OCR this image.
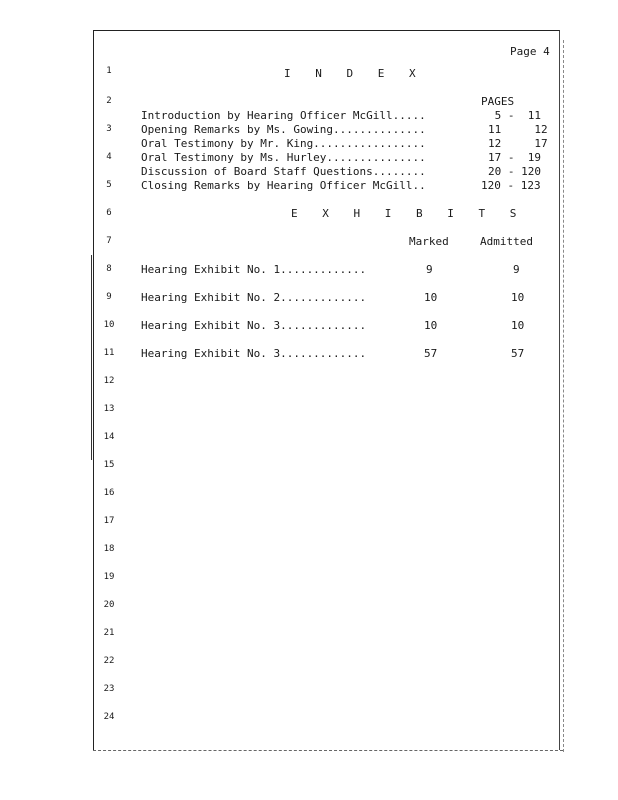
Page 4
I N D E X
PAGES
Introduction by Hearing Officer McGill.....	5 -  11
Opening Remarks by Ms. Gowing..............	11     12
Oral Testimony by Mr. King.................	12     17
Oral Testimony by Ms. Hurley...............	17 -  19
Discussion of Board Staff Questions........	20 - 120
Closing Remarks by Hearing Officer McGill..	120 - 123
E X H I B I T S
Marked	Admitted
Hearing Exhibit No. 1.............	9	9
Hearing Exhibit No. 2.............	10	10
Hearing Exhibit No. 3.............	10	10
Hearing Exhibit No. 3.............	57	57
1
2
3
4
5
6
7
8
9
10
11
12
13
14
15
16
17
18
19
20
21
22
23
24
